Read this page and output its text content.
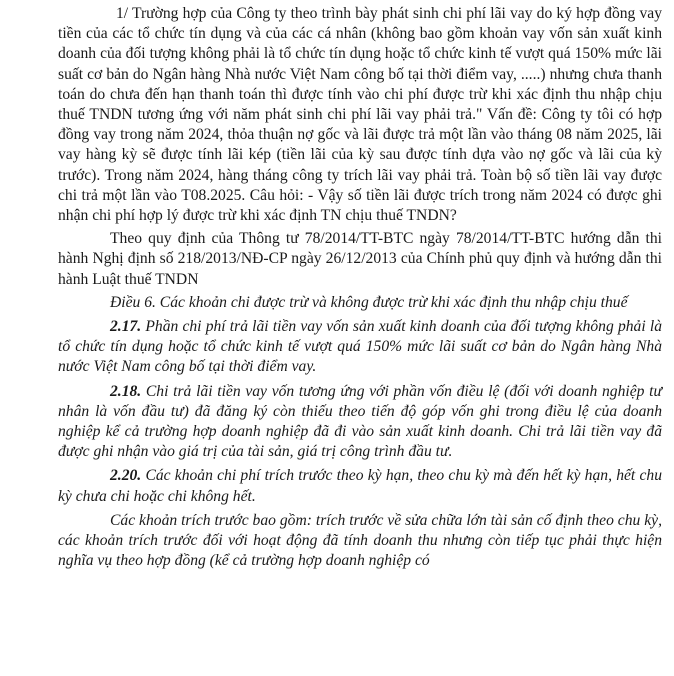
1/ Trường hợp của Công ty theo trình bày phát sinh chi phí lãi vay do ký hợp đồng vay tiền của các tổ chức tín dụng và của các cá nhân (không bao gồm khoản vay vốn sản xuất kinh doanh của đối tượng không phải là tổ chức tín dụng hoặc tổ chức kinh tế vượt quá 150% mức lãi suất cơ bản do Ngân hàng Nhà nước Việt Nam công bố tại thời điểm vay, .....) nhưng chưa thanh toán do chưa đến hạn thanh toán thì được tính vào chi phí được trừ khi xác định thu nhập chịu thuế TNDN tương ứng với năm phát sinh chi phí lãi vay phải trả." Vấn đề: Công ty tôi có hợp đồng vay trong năm 2024, thỏa thuận nợ gốc và lãi được trả một lần vào tháng 08 năm 2025, lãi vay hàng kỳ sẽ được tính lãi kép (tiền lãi của kỳ sau được tính dựa vào nợ gốc và lãi của kỳ trước). Trong năm 2024, hàng tháng công ty trích lãi vay phải trả. Toàn bộ số tiền lãi vay được chi trả một lần vào T08.2025. Câu hỏi: - Vậy số tiền lãi được trích trong năm 2024 có được ghi nhận chi phí hợp lý được trừ khi xác định TN chịu thuế TNDN?

Theo quy định của Thông tư 78/2014/TT-BTC ngày 78/2014/TT-BTC hướng dẫn thi hành Nghị định số 218/2013/NĐ-CP ngày 26/12/2013 của Chính phủ quy định và hướng dẫn thi hành Luật thuế TNDN

Điều 6. Các khoản chi được trừ và không được trừ khi xác định thu nhập chịu thuế

2.17. Phần chi phí trả lãi tiền vay vốn sản xuất kinh doanh của đối tượng không phải là tổ chức tín dụng hoặc tổ chức kinh tế vượt quá 150% mức lãi suất cơ bản do Ngân hàng Nhà nước Việt Nam công bố tại thời điểm vay.

2.18. Chi trả lãi tiền vay vốn tương ứng với phần vốn điều lệ (đối với doanh nghiệp tư nhân là vốn đầu tư) đã đăng ký còn thiếu theo tiến độ góp vốn ghi trong điều lệ của doanh nghiệp kể cả trường hợp doanh nghiệp đã đi vào sản xuất kinh doanh. Chi trả lãi tiền vay đã được ghi nhận vào giá trị của tài sản, giá trị công trình đầu tư.

2.20. Các khoản chi phí trích trước theo kỳ hạn, theo chu kỳ mà đến hết kỳ hạn, hết chu kỳ chưa chi hoặc chi không hết.

Các khoản trích trước bao gồm: trích trước về sửa chữa lớn tài sản cố định theo chu kỳ, các khoản trích trước đối với hoạt động đã tính doanh thu nhưng còn tiếp tục phải thực hiện nghĩa vụ theo hợp đồng (kể cả trường hợp doanh nghiệp có
